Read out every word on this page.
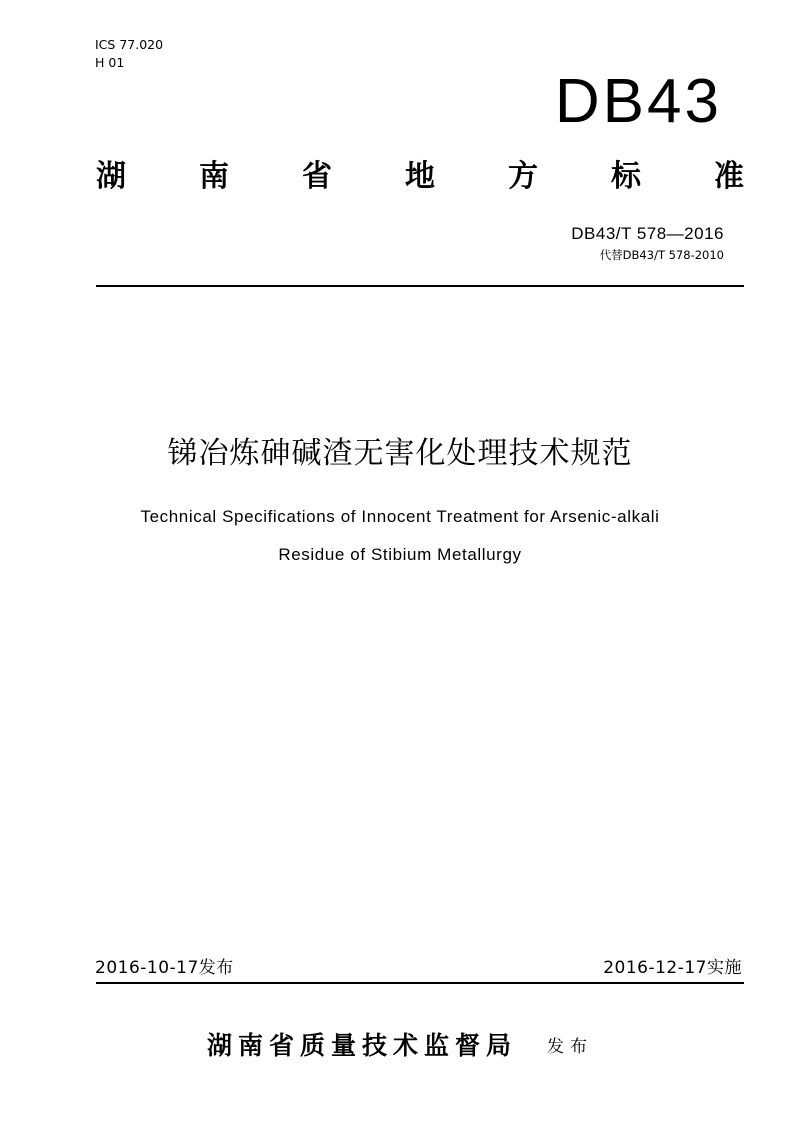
ICS 77.020
H 01
DB43
湖 南 省 地 方 标 准
DB43/T 578—2016
代替DB43/T 578-2010
锑冶炼砷碱渣无害化处理技术规范
Technical Specifications of Innocent Treatment for Arsenic-alkali
Residue of Stibium Metallurgy
2016-10-17发布	2016-12-17实施
湖南省质量技术监督局 发布
